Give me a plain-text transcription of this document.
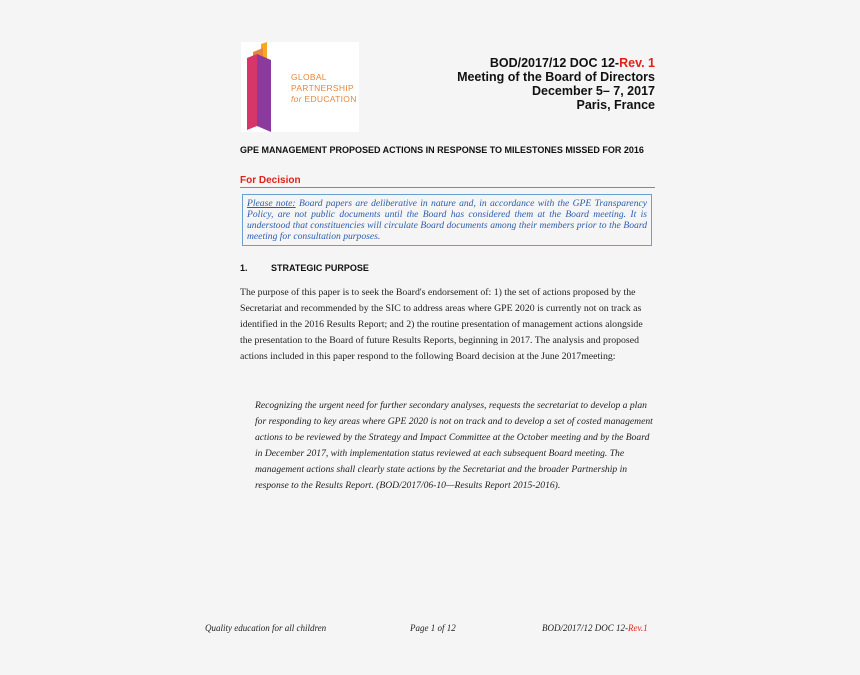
GLOBAL
PARTNERSHIP
for EDUCATION
BOD/2017/12 DOC 12-Rev. 1
Meeting of the Board of Directors
December 5– 7, 2017
Paris, France
GPE MANAGEMENT PROPOSED ACTIONS IN RESPONSE TO MILESTONES MISSED FOR 2016
For Decision
Please note: Board papers are deliberative in nature and, in accordance with the GPE Transparency Policy, are not public documents until the Board has considered them at the Board meeting. It is understood that constituencies will circulate Board documents among their members prior to the Board meeting for consultation purposes.
1.	STRATEGIC PURPOSE
The purpose of this paper is to seek the Board's endorsement of: 1) the set of actions proposed by the Secretariat and recommended by the SIC to address areas where GPE 2020 is currently not on track as identified in the 2016 Results Report; and 2) the routine presentation of management actions alongside the presentation to the Board of future Results Reports, beginning in 2017. The analysis and proposed actions included in this paper respond to the following Board decision at the June 2017meeting:
Recognizing the urgent need for further secondary analyses, requests the secretariat to develop a plan for responding to key areas where GPE 2020 is not on track and to develop a set of costed management actions to be reviewed by the Strategy and Impact Committee at the October meeting and by the Board in December 2017, with implementation status reviewed at each subsequent Board meeting. The management actions shall clearly state actions by the Secretariat and the broader Partnership in response to the Results Report. (BOD/2017/06-10—Results Report 2015-2016).
Quality education for all children	Page 1 of 12	BOD/2017/12 DOC 12-Rev.1
